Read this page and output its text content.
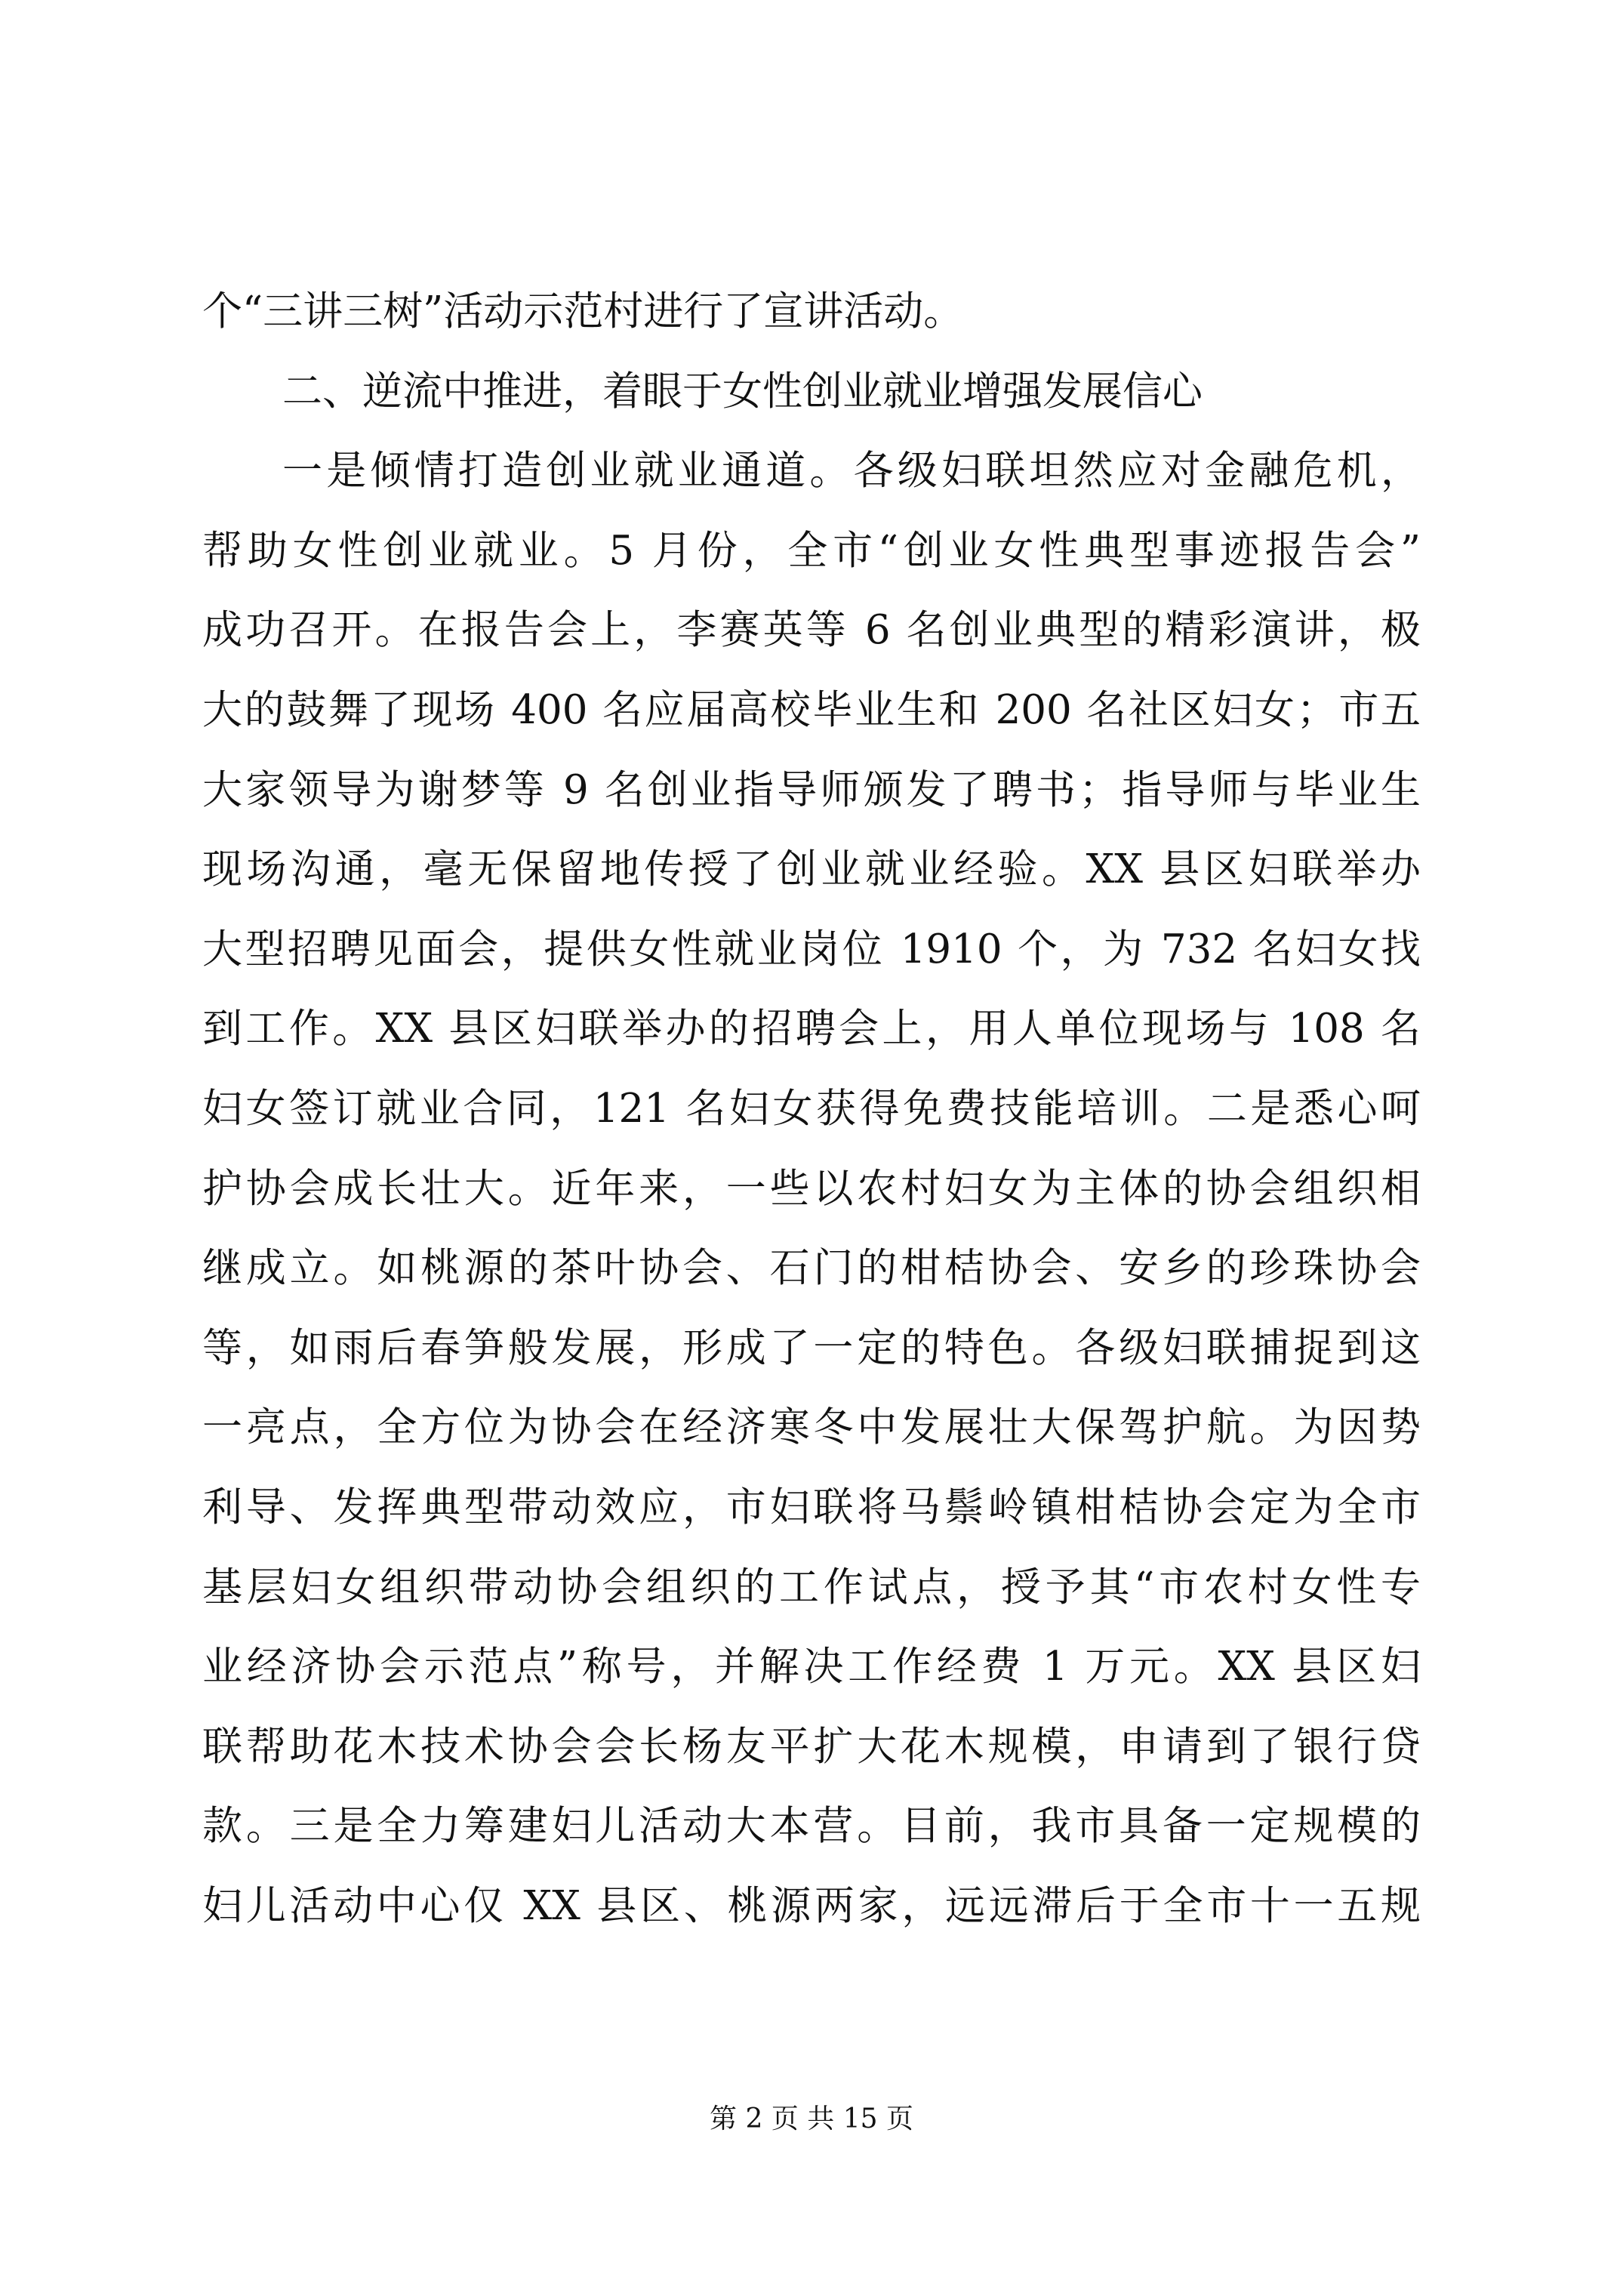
个“三讲三树”活动示范村进行了宣讲活动。
二、逆流中推进，着眼于女性创业就业增强发展信心
一是倾情打造创业就业通道。各级妇联坦然应对金融危机，
帮助女性创业就业。5 月份，全市“创业女性典型事迹报告会”
成功召开。在报告会上，李赛英等 6 名创业典型的精彩演讲，极
大的鼓舞了现场 400 名应届高校毕业生和 200 名社区妇女；市五
大家领导为谢梦等 9 名创业指导师颁发了聘书；指导师与毕业生
现场沟通，毫无保留地传授了创业就业经验。XX 县区妇联举办
大型招聘见面会，提供女性就业岗位 1910 个，为 732 名妇女找
到工作。XX 县区妇联举办的招聘会上，用人单位现场与 108 名
妇女签订就业合同，121 名妇女获得免费技能培训。二是悉心呵
护协会成长壮大。近年来，一些以农村妇女为主体的协会组织相
继成立。如桃源的茶叶协会、石门的柑桔协会、安乡的珍珠协会
等，如雨后春笋般发展，形成了一定的特色。各级妇联捕捉到这
一亮点，全方位为协会在经济寒冬中发展壮大保驾护航。为因势
利导、发挥典型带动效应，市妇联将马鬃岭镇柑桔协会定为全市
基层妇女组织带动协会组织的工作试点，授予其“市农村女性专
业经济协会示范点”称号，并解决工作经费 1 万元。XX 县区妇
联帮助花木技术协会会长杨友平扩大花木规模，申请到了银行贷
款。三是全力筹建妇儿活动大本营。目前，我市具备一定规模的
妇儿活动中心仅 XX 县区、桃源两家，远远滞后于全市十一五规
第 2 页 共 15 页
